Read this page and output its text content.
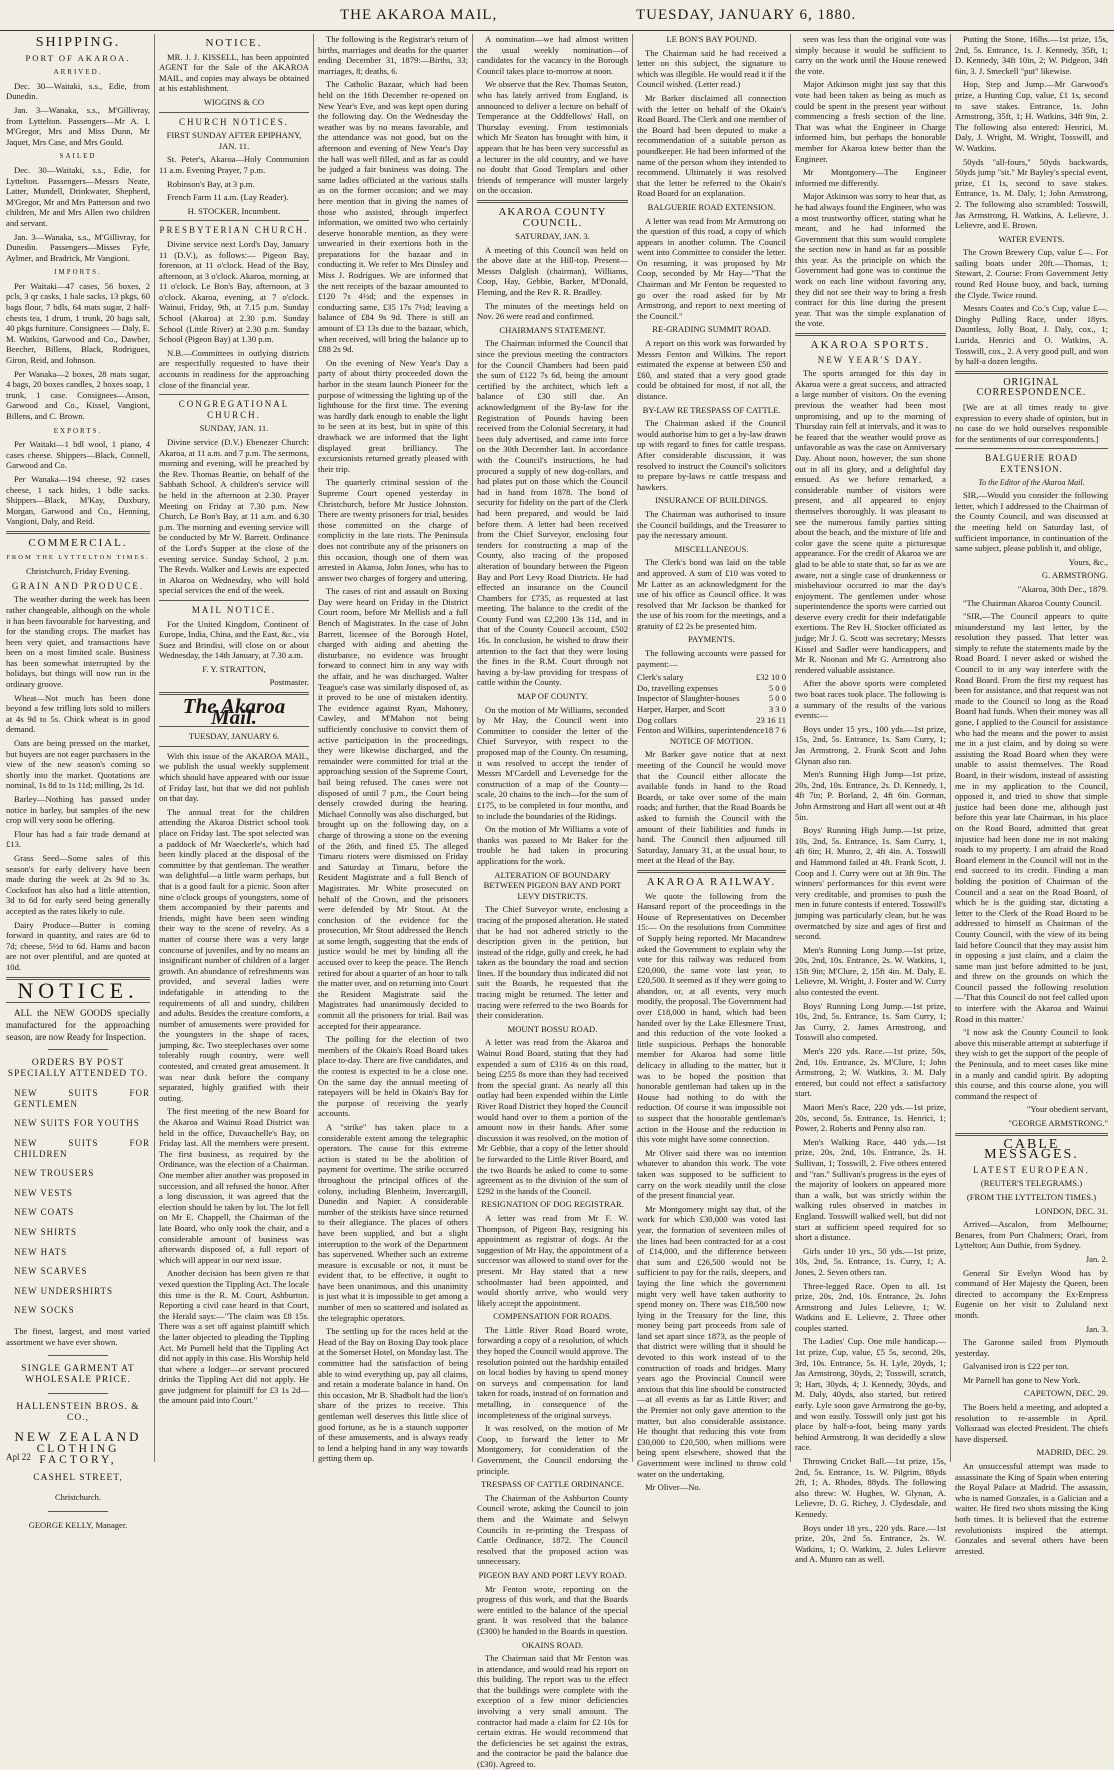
THE AKAROA MAIL,	TUESDAY, JANUARY 6, 1880.
SHIPPING.
PORT OF AKAROA.
ARRIVED.

Dec. 30—Waitaki, s.s., Edie, from Dunedin.

Jan. 3—Wanaka, s.s., M'Gillivray, from Lyttelton. Passengers—Mr A. I. M'Gregor, Mrs and Miss Dunn, Mr Jaquet, Mrs Case, and Mrs Gould.

SAILED

Dec. 30—Waitaki, s.s., Edie, for Lyttelton. Passengers—Messrs Neate, Latter, Mundell, Drinkwater, Shepherd, M'Gregor, Mr and Mrs Patterson and two children, Mr and Mrs Allen two children and servant.

Jan. 3—Wanaka, s.s., M'Gillivray, for Dunedin. Passengers—Misses Fyfe, Aylmer, and Bradrick, Mr Vangioni.

IMPORTS.

Per Waitaki—47 cases, 56 boxes, 2 pcls, 3 qr casks, 1 bale sacks, 13 pkgs, 60 bags flour, 7 bdls, 64 mats sugar, 2 half-chests tea, 1 drum, 1 trunk, 20 bags salt, 40 pkgs furniture. Consignees — Daly, E. M. Watkins, Garwood and Co., Dawber, Beecher, Billens, Black, Rodrigues, Giron, Reid, and Johnson.

Per Wanaka—2 boxes, 28 mats sugar, 4 bags, 20 boxes candles, 2 boxes soap, 1 trunk, 1 case. Consignees—Anson, Garwood and Co., Kissel, Vangioni, Billens, and C. Brown.

EXPORTS.

Per Waitaki—1 bdl wool, 1 piano, 4 cases cheese. Shippers—Black, Connell, Garwood and Co.

Per Wanaka—194 cheese, 92 cases cheese, 1 sack hides, 1 bdle sacks. Shippers—Black, M'Kay, Duxbury, Morgan, Garwood and Co., Henning, Vangioni, Daly, and Reid.

COMMERCIAL.
FROM THE LYTTELTON TIMES.

Christchurch, Friday Evening.

GRAIN AND PRODUCE.

The weather during the week has been rather changeable, although on the whole it has been favourable for harvesting, and for the standing crops. The market has been very quiet, and transactions have been on a most limited scale. Business has been somewhat interrupted by the holidays, but things will now run in the ordinary groove.

Wheat—Not much has been done beyond a few trifling lots sold to millers at 4s 9d to 5s. Chick wheat is in good demand.

Oats are being pressed on the market, but buyers are not eager purchasers in the view of the new season's coming so shortly into the market. Quotations are nominal, 1s 8d to 1s 11d; milling, 2s 1d.

Barley—Nothing has passed under notice in barley, but samples of the new crop will very soon be offering.

Flour has had a fair trade demand at £13.

Grass Seed—Some sales of this season's for early delivery have been made during the week at 2s 9d to 3s. Cocksfoot has also had a little attention, 3d to 6d for early seed being generally accepted as the rates likely to rule.

Dairy Produce—Butter is coming forward in quantity, and rates are 6d to 7d; cheese, 5½d to 6d. Hams and bacon are not over plentiful, and are quoted at 10d.

NOTICE.

ALL the NEW GOODS specially manufactured for the approaching season, are now Ready for Inspection.

ORDERS BY POST SPECIALLY ATTENDED TO.
NEW SUITS FOR GENTLEMEN
NEW SUITS FOR YOUTHS
NEW SUITS FOR CHILDREN
NEW TROUSERS
NEW VESTS
NEW COATS
NEW SHIRTS
NEW HATS
NEW SCARVES
NEW UNDERSHIRTS
NEW SOCKS

The finest, largest, and most varied assortment we have ever shown.

SINGLE GARMENT AT WHOLESALE PRICE.
HALLENSTEIN BROS. & CO.,
NEW ZEALAND
CLOTHING FACTORY,
CASHEL STREET,
Christchurch.
GEORGE KELLY, Manager.
NOTICE.

MR. J. J. KISSELL, has been appointed AGENT for the Sale of the AKAROA MAIL, and copies may always be obtained at his establishment.

WIGGINS & CO

CHURCH NOTICES.

FIRST SUNDAY AFTER EPIPHANY, JAN. 11.

St. Peter's, Akaroa—Holy Communion 11 a.m. Evening Prayer, 7 p.m.

Robinson's Bay, at 3 p.m.

French Farm 11 a.m. (Lay Reader).

H. STOCKER, Incumbent.

PRESBYTERIAN CHURCH.

Divine service next Lord's Day, January 11 (D.V.), as follows:— Pigeon Bay, forenoon, at 11 o'clock. Head of the Bay, afternoon, at 3 o'clock. Akaroa, morning, at 11 o'clock. Le Bon's Bay, afternoon, at 3 o'clock. Akaroa, evening, at 7 o'clock. Wainui, Friday, 9th, at 7.15 p.m. Sunday School (Akaroa) at 2.30 p.m. Sunday School (Little River) at 2.30 p.m. Sunday School (Pigeon Bay) at 1.30 p.m.

N.B.—Committees in outlying districts are respectfully requested to have their accounts in readiness for the approaching close of the financial year.

CONGREGATIONAL CHURCH.

SUNDAY, JAN. 11.

Divine service (D.V.) Ebenezer Church: Akaroa, at 11 a.m. and 7 p.m. The sermons, morning and evening, will be preached by the Rev. Thomas Beattie, on behalf of the Sabbath School. A children's service will be held in the afternoon at 2.30. Prayer Meeting on Friday at 7.30 p.m. New Church, Le Bon's Bay, at 11 a.m. and 6.30 p.m. The morning and evening service will be conducted by Mr W. Barrett. Ordinance of the Lord's Supper at the close of the evening service. Sunday School, 2 p.m. The Revds. Walker and Lewis are expected in Akaroa on Wednesday, who will hold special services the end of the week.

MAIL NOTICE.

For the United Kingdom, Continent of Europe, India, China, and the East, &c., via Suez and Brindisi, will close on or about Wednesday, the 14th January, at 7.30 a.m.

F. Y. STRATTON,

Postmaster.

The Akaroa Mail.

TUESDAY, JANUARY 6.

With this issue of the AKAROA MAIL, we publish the usual weekly supplement which should have appeared with our issue of Friday last, but that we did not publish on that day.

The annual treat for the children attending the Akaroa District school took place on Friday last. The spot selected was a paddock of Mr Waeckerle's, which had been kindly placed at the disposal of the committee by that gentleman. The weather was delightful—a little warm perhaps, but that is a good fault for a picnic. Soon after nine o'clock groups of youngsters, some of them accompanied by their parents and friends, might have been seen winding their way to the scene of revelry. As a matter of course there was a very large concourse of juveniles, and by no means an insignificant number of children of a larger growth. An abundance of refreshments was provided, and several ladies were indefatigable in attending to the requirements of all and sundry, children and adults. Besides the creature comforts, a number of amusements were provided for the youngsters in the shape of races, jumping, &c. Two steeplechases over some tolerably rough country, were well contested, and created great amusement. It was near dusk before the company separated, highly gratified with their outing.

The first meeting of the new Board for the Akaroa and Wainui Road District was held in the office, Duvauchelle's Bay, on Friday last. All the members were present. The first business, as required by the Ordinance, was the election of a Chairman. One member after another was proposed in succession, and all refused the honor. After a long discussion, it was agreed that the election should be taken by lot. The lot fell on Mr E. Chappell, the Chairman of the late Board, who only took the chair, and a considerable amount of business was afterwards disposed of, a full report of which will appear in our next issue.

Another decision has been given re that vexed question the Tippling Act. The locale this time is the R. M. Court, Ashburton. Reporting a civil case heard in that Court, the Herald says:—"The claim was £8 15s. There was a set off against plaintiff which the latter objected to pleading the Tippling Act. Mr Purnell held that the Tippling Act did not apply in this case. His Worship held that where a lodger—or servant procured drinks the Tippling Act did not apply. He gave judgment for plaintiff for £3 1s 2d—the amount paid into Court."

The following is the Registrar's return of births, marriages and deaths for the quarter ending December 31, 1879:—Births, 33; marriages, 8; deaths, 6.

The Catholic Bazaar, which had been held on the 16th December re-opened on New Year's Eve, and was kept open during the following day. On the Wednesday the weather was by no means favorable, and the attendance was not good, but on the afternoon and evening of New Year's Day the hall was well filled, and as far as could be judged a fair business was doing. The same ladies officiated at the various stalls as on the former occasion; and we may here mention that in giving the names of those who assisted, through imperfect information, we omitted two who certainly deserve honorable mention, as they were unwearied in their exertions both in the preparations for the bazaar and in conducting it. We refer to Mrs Dinsley and Miss J. Rodrigues. We are informed that the nett receipts of the bazaar amounted to £120 7s 4½d; and the expenses in conducting same, £35 17s 7½d; leaving a balance of £84 9s 9d. There is still an amount of £3 13s due to the bazaar, which, when received, will bring the balance up to £88 2s 9d.

On the evening of New Year's Day a party of about thirty proceeded down the harbor in the steam launch Pioneer for the purpose of witnessing the lighting up of the lighthouse for the first time. The evening was hardly dark enough to enable the light to be seen at its best, but in spite of this drawback we are informed that the light displayed great brilliancy. The excursionists returned greatly pleased with their trip.

The quarterly criminal session of the Supreme Court opened yesterday in Christchurch, before Mr Justice Johnston. There are twenty prisoners for trial, besides those committed on the charge of complicity in the late riots. The Peninsula does not contribute any of the prisoners on this occasion, though one of them was arrested in Akaroa, John Jones, who has to answer two charges of forgery and uttering.

The cases of riot and assault on Boxing Day were heard on Friday in the District Court room, before Mr Mellish and a full Bench of Magistrates. In the case of John Barrett, licensee of the Borough Hotel, charged with aiding and abetting the disturbance, no evidence was brought forward to connect him in any way with the affair, and he was discharged. Walter Teague's case was similarly disposed of, as it proved to be one of mistaken identity. The evidence against Ryan, Mahoney, Cawley, and M'Mahon not being sufficiently conclusive to convict them of active participation in the proceedings, they were likewise discharged, and the remainder were committed for trial at the approaching session of the Supreme Court, bail being refused. The cases were not disposed of until 7 p.m., the Court being densely crowded during the hearing. Michael Connolly was also discharged, but brought up on the following day, on a charge of throwing a stone on the evening of the 26th, and fined £5. The alleged Timaru rioters were dismissed on Friday and Saturday at Timaru, before the Resident Magistrate and a full Bench of Magistrates. Mr White prosecuted on behalf of the Crown, and the prisoners were defended by Mr Stout. At the conclusion of the evidence for the prosecution, Mr Stout addressed the Bench at some length, suggesting that the ends of justice would be met by binding all the accused over to keep the peace. The Bench retired for about a quarter of an hour to talk the matter over, and on returning into Court the Resident Magistrate said the Magistrates had unanimously decided to commit all the prisoners for trial. Bail was accepted for their appearance.

The polling for the election of two members of the Okain's Road Board takes place to-day. There are five candidates, and the contest is expected to be a close one. On the same day the annual meeting of ratepayers will be held in Okain's Bay for the purpose of receiving the yearly accounts.

A "strike" has taken place to a considerable extent among the telegraphic operators. The cause for this extreme action is stated to be the abolition of payment for overtime. The strike occurred throughout the principal offices of the colony, including Blenheim, Invercargill, Dunedin and Napier. A considerable number of the strikists have since returned to their allegiance. The places of others have been supplied, and but a slight interruption to the work of the Department has supervened. Whether such an extreme measure is excusable or not, it must be evident that, to be effective, it ought to have been unanimous, and this unanimity is just what it is impossible to get among a number of men so scattered and isolated as the telegraphic operators.

The settling up for the races held at the Head of the Bay on Boxing Day took place at the Somerset Hotel, on Monday last. The committee had the satisfaction of being able to wind everything up, pay all claims, and retain a moderate balance in hand. On this occasion, Mr B. Shadbolt had the lion's share of the prizes to receive. This gentleman well deserves this little slice of good fortune, as he is a staunch supporter of these amusements, and is always ready to lend a helping hand in any way towards getting them up.

A nomination—we had almost written the usual weekly nomination—of candidates for the vacancy in the Borough Council takes place to-morrow at noon.

We observe that the Rev. Thomas Seaton, who has lately arrived from England, is announced to deliver a lecture on behalf of Temperance at the Oddfellows' Hall, on Thursday evening. From testimonials which Mr Seaton has brought with him, it appears that he has been very successful as a lecturer in the old country, and we have no doubt that Good Templars and other friends of temperance will muster largely on the occasion.

AKAROA COUNTY COUNCIL.

SATURDAY, JAN. 3.

A meeting of this Council was held on the above date at the Hill-top. Present—Messrs Dalglish (chairman), Williams, Coop, Hay, Gebbie, Barker, M'Donald, Fleming, and the Rev R. R. Bradley.

The minutes of the meetings held on Nov. 26 were read and confirmed.

CHAIRMAN'S STATEMENT.

The Chairman informed the Council that since the previous meeting the contractors for the Council Chambers had been paid the sum of £122 7s 6d, being the amount certified by the architect, which left a balance of £30 still due. An acknowledgment of the By-law for the Registration of Pounds having been received from the Colonial Secretary, it had been duly advertised, and came into force on the 30th December last. In accordance with the Council's instructions, he had procured a supply of new dog-collars, and had plates put on those which the Council had in hand from 1878. The bond of security for fidelity on the part of the Clerk had been prepared, and would be laid before them. A letter had been received from the Chief Surveyor, enclosing four tenders for constructing a map of the County, also tracing of the proposed alteration of boundary between the Pigeon Bay and Port Levy Road Districts. He had effected an insurance on the Council Chambers for £735, as requested at last meeting. The balance to the credit of the County Fund was £2,200 13s 11d, and in that of the County Council account, £502 16s. In conclusion, he wished to draw their attention to the fact that they were losing the fines in the R.M. Court through not having a by-law providing for trespass of cattle within the County.

MAP OF COUNTY.

On the motion of Mr Williams, seconded by Mr Hay, the Council went into Committee to consider the letter of the Chief Surveyor, with respect to the proposed map of the County. On resuming, it was resolved to accept the tender of Messrs M'Cardell and Leversedge for the construction of a map of the County—scale, 20 chains to the inch—for the sum of £175, to be completed in four months, and to include the boundaries of the Ridings.

On the motion of Mr Williams a vote of thanks was passed to Mr Baker for the trouble he had taken in procuring applications for the work.

ALTERATION OF BOUNDARY BETWEEN PIGEON BAY AND PORT LEVY DISTRICTS.

The Chief Surveyor wrote, enclosing a tracing of the proposed alteration. He stated that he had not adhered strictly to the description given in the petition, but instead of the ridge, gully and creek, he had taken as the boundary the road and section lines. If the boundary thus indicated did not suit the Boards, he requested that the tracing might be returned. The letter and tracing were referred to the two Boards for their consideration.

MOUNT BOSSU ROAD.

A letter was read from the Akaroa and Wainui Road Board, stating that they had expended a sum of £316 4s on this road, being £255 8s more than they had received from the special grant. As nearly all this outlay had been expended within the Little River Road District they hoped the Council would hand over to them a portion of the amount now in their hands. After some discussion it was resolved, on the motion of Mr Gebbie, that a copy of the letter should be forwarded to the Little River Board, and the two Boards be asked to come to some agreement as to the division of the sum of £292 in the hands of the Council.

RESIGNATION OF DOG REGISTRAR.

A letter was read from Mr F. W. Thompson, of Pigeon Bay, resigning his appointment as registrar of dogs. At the suggestion of Mr Hay, the appointment of a successor was allowed to stand over for the present. Mr Hay stated that a new schoolmaster had been appointed, and would shortly arrive, who would very likely accept the appointment.

COMPENSATION FOR ROADS.

The Little River Road Board wrote, forwarding a copy of a resolution, of which they hoped the Council would approve. The resolution pointed out the hardship entailed on local bodies by having to spend money on surveys and compensation for land taken for roads, instead of on formation and metalling, in consequence of the incompleteness of the original surveys.

It was resolved, on the motion of Mr Coop, to forward the letter to Mr Montgomery, for consideration of the Government, the Council endorsing the principle.

TRESPASS OF CATTLE ORDINANCE.

The Chairman of the Ashburton County Council wrote, asking the Council to join them and the Waimate and Selwyn Councils in re-printing the Trespass of Cattle Ordinance, 1872. The Council resolved that the proposed action was unnecessary.

PIGEON BAY AND PORT LEVY ROAD.

Mr Fenton wrote, reporting on the progress of this work, and that the Boards were entitled to the balance of the special grant. It was resolved that the balance (£300) be handed to the Boards in question.

OKAINS ROAD.

The Chairman said that Mr Fenton was in attendance, and would read his report on this building. The report was to the effect that the buildings were complete with the exception of a few minor deficiencies involving a very small amount. The contractor had made a claim for £2 10s for certain extras. He would recommend that the deficiencies be set against the extras, and the contractor be paid the balance due (£30). Agreed to.

LE BON'S BAY POUND.

The Chairman said he had received a letter on this subject, the signature to which was illegible. He would read it if the Council wished. (Letter read.)

Mr Barker disclaimed all connection with the letter on behalf of the Okain's Road Board. The Clerk and one member of the Board had been deputed to make a recommendation of a suitable person as poundkeeper. He had been informed of the name of the person whom they intended to recommend. Ultimately it was resolved that the letter be referred to the Okain's Road Board for an explanation.

BALGUERIE ROAD EXTENSION.

A letter was read from Mr Armstrong on the question of this road, a copy of which appears in another column. The Council went into Committee to consider the letter. On resuming, it was proposed by Mr Coop, seconded by Mr Hay—"That the Chairman and Mr Fenton be requested to go over the road asked for by Mr Armstrong, and report to next meeting of the Council."

RE-GRADING SUMMIT ROAD.

A report on this work was forwarded by Messrs Fenton and Wilkins. The report estimated the expense at between £50 and £60, and stated that a very good grade could be obtained for most, if not all, the distance.

BY-LAW RE TRESPASS OF CATTLE.

The Chairman asked if the Council would authorise him to get a by-law drawn up with regard to fines for cattle trespass. After considerable discussion, it was resolved to instruct the Council's solicitors to prepare by-laws re cattle trespass and hawkers.

INSURANCE OF BUILDINGS.

The Chairman was authorised to insure the Council buildings, and the Treasurer to pay the necessary amount.

MISCELLANEOUS.

The Clerk's bond was laid on the table and approved. A sum of £10 was voted to Mr Latter as an acknowledgment for the use of his office as Council office. It was resolved that Mr Jackson be thanked for the use of his room for the meetings, and a gratuity of £2 2s be presented him.

PAYMENTS.

The following accounts were passed for payment:—

Clerk's salary	£32 10 0
Do, travelling expenses	5 0 0
Inspector of Slaughter-houses	5 0 0
Harper, Harper, and Scott	3 3 0
Dog collars	23 16 11
Fenton and Wilkins, superintendence 18 7 6

NOTICE OF MOTION.

Mr Barker gave notice that at next meeting of the Council he would move that the Council either allocate the available funds in hand to the Road Boards, or take over some of the main roads; and further, that the Road Boards be asked to furnish the Council with the amount of their liabilities and funds in hand. The Council then adjourned till Saturday, January 31, at the usual hour, to meet at the Head of the Bay.

AKAROA RAILWAY.

We quote the following from the Hansard report of the proceedings in the House of Representatives on December 15:— On the resolutions from Committee of Supply being reported. Mr Macandrew asked the Government to explain why the vote for this railway was reduced from £20,000, the same vote last year, to £20,500. It seemed as if they were going to abandon, or, at all events, very much modify, the proposal. The Government had over £18,000 in hand, which had been handed over by the Lake Ellesmere Trust, and this reduction of the vote looked a little suspicious. Perhaps the honorable member for Akaroa had some little delicacy in alluding to the matter, but it was to be hoped the position that honorable gentleman had taken up in the House had nothing to do with the reduction. Of course it was impossible not to suspect that the honorable gentleman's action in the House and the reduction in this vote might have some connection.

Mr Oliver said there was no intention whatever to abandon this work. The vote taken was supposed to be sufficient to carry on the work steadily until the close of the present financial year.

Mr Montgomery might say that, of the work for which £30,000 was voted last year, the formation of seventeen miles of the lines had been contracted for at a cost of £14,000, and the difference between that sum and £26,500 would not be sufficient to pay for the rails, sleepers, and laying the line which the government might very well have taken authority to spend money on. There was £18,500 now lying in the Treasury for the line, this money being part proceeds from sale of land set apart since 1873, as the people of that district were willing that it should be devoted to this work instead of to the construction of roads and bridges. Many years ago the Provincial Council were anxious that this line should be constructed—at all events as far as Little River; and the Premier not only gave attention to the matter, but also considerable assistance. He thought that reducing this vote from £30,000 to £20,500, when millions were being spent elsewhere, showed that the Government were inclined to throw cold water on the undertaking.

Mr Oliver—No.

seen was less than the original vote was simply because it would be sufficient to carry on the work until the House renewed the vote.

Major Atkinson might just say that this vote had been taken as being as much as could be spent in the present year without commencing a fresh section of the line. That was what the Engineer in Charge informed him, but perhaps the honorable member for Akaroa knew better than the Engineer.

Mr Montgomery—The Engineer informed me differently.

Major Atkinson was sorry to hear that, as he had always found the Engineer, who was a most trustworthy officer, stating what he meant, and he had informed the Government that this sum would complete the section now in hand as far as possible this year. As the principle on which the Government had gone was to continue the work on each line without favoring any, they did not see their way to bring a fresh contract for this line during the present year. That was the simple explanation of the vote.

AKAROA SPORTS.
NEW YEAR'S DAY.

The sports arranged for this day in Akaroa were a great success, and attracted a large number of visitors. On the evening previous the weather had been most unpromising, and up to the morning of Thursday rain fell at intervals, and it was to be feared that the weather would prove as unfavorable as was the case on Anniversary Day. About noon, however, the sun shone out in all its glory, and a delightful day ensued. As we before remarked, a considerable number of visitors were present, and all appeared to enjoy themselves thoroughly. It was pleasant to see the numerous family parties sitting about the beach, and the mixture of life and color gave the scene quite a picturesque appearance. For the credit of Akaroa we are glad to be able to state that, so far as we are aware, not a single case of drunkenness or misbehaviour occurred to mar the day's enjoyment. The gentlemen under whose superintendence the sports were carried out deserve every credit for their indefatigable exertions. The Rev H. Stocker officiated as judge; Mr J. G. Scott was secretary; Messrs Kissel and Sadler were handicappers, and Mr R. Noonan and Mr G. Armstrong also rendered valuable assistance.

After the above sports were completed two boat races took place. The following is a summary of the results of the various events:—

Boys under 15 yrs., 100 yds.—1st prize, 15s, 2nd, 5s. Entrance, 1s. Sam Curry, 1; Jas Armstrong, 2. Frank Scott and John Glynan also ran.

Men's Running High Jump—1st prize, 20s, 2nd, 10s. Entrance, 2s. D. Kennedy, 1, 4ft 7in; P. Borland, 2, 4ft 6in. Gorman, John Armstrong and Hart all went out at 4ft 5in.

Boys' Running High Jump.—1st prize, 10s, 2nd, 5s. Entrance, 1s. Sam Curry, 1, 4ft 6in; H. Munro, 2, 4ft 4in. A. Tosswill and Hammond failed at 4ft. Frank Scott, J. Coop and J. Curry were out at 3ft 9in. The winners' performances for this event were very creditable, and promises to push the men in future contests if entered. Tosswill's jumping was particularly clean, but he was overmatched by size and ages of first and second.

Men's Running Long Jump.—1st prize, 20s, 2nd, 10s. Entrance, 2s. W. Watkins, 1, 15ft 9in; M'Clure, 2, 15ft 4in. M. Daly, E. Lelievre, M. Wright, J. Foster and W. Curry also contested the event.

Boys' Running Long Jump.—1st prize, 10s, 2nd, 5s. Entrance, 1s. Sam Curry, 1; Jas Curry, 2. James Armstrong, and Tosswill also competed.

Men's 220 yds. Race.—1st prize, 50s, 2nd, 10s. Entrance, 2s. M'Clure, 1; John Armstrong, 2; W. Watkins, 3. M. Daly entered, but could not effect a satisfactory start.

Maori Men's Race, 220 yds.—1st prize, 20s, second, 5s. Entrance, 1s. Henrici, 1; Power, 2. Roberts and Penny also ran.

Men's Walking Race, 440 yds.—1st prize, 20s, 2nd, 10s. Entrance, 2s. H. Sullivan, 1; Tosswill, 2. Five others entered and "ran." Sullivan's progress in the eyes of the majority of lookers on appeared more than a walk, but was strictly within the walking rules observed in matches in England. Tosswill walked well, but did not start at sufficient speed required for so short a distance.

Girls under 10 yrs., 50 yds.—1st prize, 10s, 2nd, 5s. Entrance, 1s. Curry, 1; A. Jones, 2. Seven others ran.

Three-legged Race. Open to all. 1st prize, 20s, 2nd, 10s. Entrance, 2s. John Armstrong and Jules Lelievre, 1; W. Watkins and E. Lelievre, 2. Three other couples started.

The Ladies' Cup. One mile handicap.—1st prize, Cup, value, £5 5s, second, 20s, 3rd, 10s. Entrance, 5s. H. Lyle, 20yds, 1; Jas Armstrong, 30yds, 2; Tosswill, scratch, 3; Hart, 30yds, 4; J. Kennedy, 30yds, and M. Daly, 40yds, also started, but retired early. Lyle soon gave Armstrong the go-by, and won easily. Tosswill only just got his place by half-a-foot, being many yards behind Armstrong. It was decidedly a slow race.

Throwing Cricket Ball.—1st prize, 15s, 2nd, 5s. Entrance, 1s. W. Pilgrim, 88yds 2ft, 1; A. Rhodes, 88yds. The following also threw: W. Hughes, W. Glynan, A. Lelievre, D. G. Richey, J. Clydesdale, and Kennedy.

Boys under 18 yrs., 220 yds. Race.—1st prize, 20s, 2nd 5s. Entrance, 2s. W. Watkins, 1; O. Watkins, 2. Jules Lelievre and A. Munro ran as well.

Putting the Stone, 16lbs.—1st prize, 15s, 2nd, 5s. Entrance, 1s. J. Kennedy, 35ft, 1; D. Kennedy, 34ft 10in, 2; W. Pidgeon, 34ft 6in, 3. J. Smeckell "put" likewise.

Hop, Step and Jump.—Mr Garwood's prize, a Hunting Cup, value, £1 1s, second to save stakes. Entrance, 1s. John Armstrong, 35ft, 1; H. Watkins, 34ft 9in, 2. The following also entered: Henrici, M. Daly, J. Wright, M. Wright, Tosswill, and W. Watkins.

50yds "all-fours," 50yds backwards, 50yds jump "sit." Mr Bayley's special event, prize, £1 1s, second to save stakes. Entrance, 1s. M. Daly, 1; John Armstrong, 2. The following also scrambled: Tosswill, Jas Armstrong, H. Watkins, A. Lelievre, J. Lelievre, and E. Brown.

WATER EVENTS.

The Crown Brewery Cup, value £—. For sailing boats under 20ft.—Thomas, 1; Stewart, 2. Course: From Government Jetty round Red House buoy, and back, turning the Clyde. Twice round.

Messrs Coates and Co.'s Cup, value £—. Dinghy Pulling Race, under 18yrs. Dauntless, Jolly Boat, J. Daly, cox., 1; Lurida, Henrici and O. Watkins, A. Tosswill, cox., 2. A very good pull, and won by half-a dozen lengths.

ORIGINAL CORRESPONDENCE.

[We are at all times ready to give expression to every shade of opinion, but in no case do we hold ourselves responsible for the sentiments of our correspondents.]

BALGUERIE ROAD EXTENSION.
To the Editor of the Akaroa Mail.

SIR,—Would you consider the following letter, which I addressed to the Chairman of the County Council, and was discussed at the meeting held on Saturday last, of sufficient importance, in continuation of the same subject, please publish it, and oblige,

Yours, &c.,

G. ARMSTRONG.

"Akaroa, 30th Dec., 1879.

"The Chairman Akaroa County Council.

"SIR,—The Council appears to quite misunderstand my last letter, by the resolution they passed. That letter was simply to refute the statements made by the Road Board. I never asked or wished the Council to in any way interfere with the Road Board. From the first my request has been for assistance, and that request was not made to the Council so long as the Road Board had funds. When their money was all gone, I applied to the Council for assistance who had the means and the power to assist me in a just claim, and by doing so were assisting the Road Board when they were unable to assist themselves. The Road Board, in their wisdom, instead of assisting me in my application to the Council, opposed it, and tried to show that simple justice had been done me, although just before this year late Chairman, in his place on the Road Board, admitted that great injustice had been done me in not making roads to my property. I am afraid the Road Board element in the Council will not in the end succeed to its credit. Finding a man holding the position of Chairman of the Council and a seat on the Road Board, of which he is the guiding star, dictating a letter to the Clerk of the Road Board to be addressed to himself as Chairman of the County Council, with the view of its being laid before Council that they may assist him in opposing a just claim, and a claim the same man just before admitted to be just, and threw on the grounds on which the Council passed the following resolution—'That this Council do not feel called upon to interfere with the Akaroa and Wainui Road in this matter.'

"I now ask the County Council to look above this miserable attempt at subterfuge if they wish to get the support of the people of the Peninsula, and to meet cases like mine in a manly and candid spirit. By adopting this course, and this course alone, you will command the respect of

"Your obedient servant,

"GEORGE ARMSTRONG."

CABLE MESSAGES.
LATEST EUROPEAN.

(REUTER'S TELEGRAMS.)

(FROM THE LYTTELTON TIMES.)

LONDON, DEC. 31.

Arrived—Ascalon, from Melbourne; Benares, from Port Chalmers; Orari, from Lyttelton; Aun Duthie, from Sydney.

Jan. 2.

General Sir Evelyn Wood has by command of Her Majesty the Queen, been directed to accompany the Ex-Empress Eugenie on her visit to Zululand next month.

Jan. 3.

The Garonne sailed from Plymouth yesterday.

Galvanised iron is £22 per ton.

Mr Parnell has gone to New York.

CAPETOWN, DEC. 29.

The Boers held a meeting, and adopted a resolution to re-assemble in April. Volksraad was elected President. The chiefs have dispersed.

MADRID, DEC. 29.

An unsuccessful attempt was made to assassinate the King of Spain when entering the Royal Palace at Madrid. The assassin, who is named Gonzales, is a Galician and a waiter. He fired two shots missing the King both times. It is believed that the extreme revolutionists inspired the attempt. Gonzales and several others have been arrested.

Apl 22
